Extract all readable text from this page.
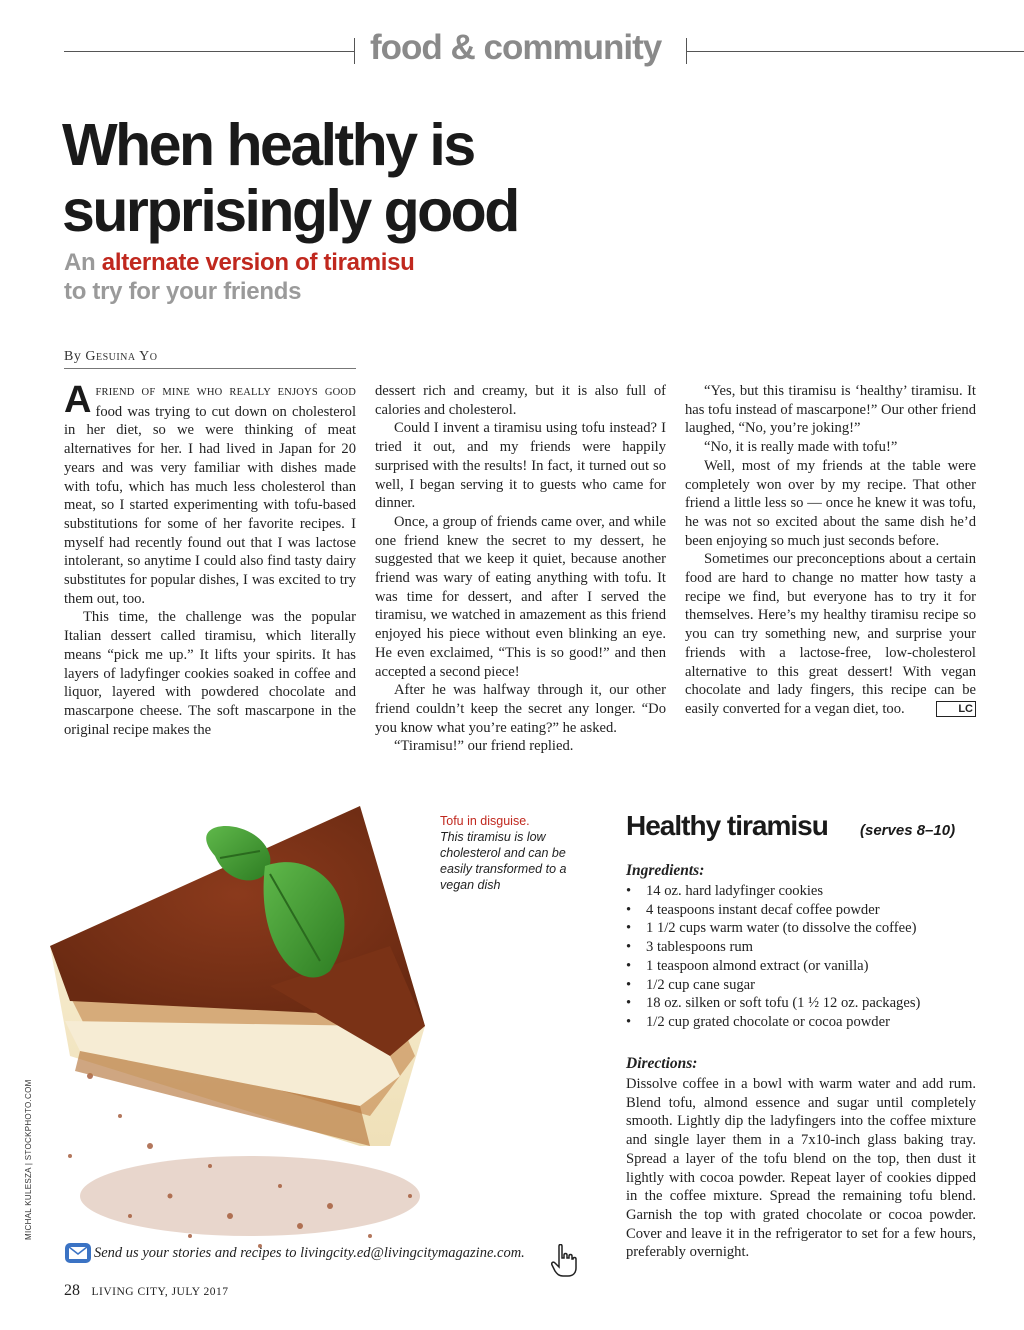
food & community
When healthy is
surprisingly good
An alternate version of tiramisu
to try for your friends
By Gesuina Yo

AFRIEND OF MINE WHO REALLY ENJOYS GOOD food was trying to cut down on cholesterol in her diet, so we were thinking of meat alternatives for her. I had lived in Japan for 20 years and was very familiar with dishes made with tofu, which has much less cholesterol than meat, so I started experimenting with tofu-based substitutions for some of her favorite recipes. I myself had recently found out that I was lactose intolerant, so anytime I could also find tasty dairy substitutes for popular dishes, I was excited to try them out, too.

This time, the challenge was the popular Italian dessert called tiramisu, which literally means “pick me up.” It lifts your spirits. It has layers of ladyfinger cookies soaked in coffee and liquor, layered with powdered chocolate and mascarpone cheese. The soft mascarpone in the original recipe makes the

dessert rich and creamy, but it is also full of calories and cholesterol.

Could I invent a tiramisu using tofu instead? I tried it out, and my friends were happily surprised with the results! In fact, it turned out so well, I began serving it to guests who came for dinner.

Once, a group of friends came over, and while one friend knew the secret to my dessert, he suggested that we keep it quiet, because another friend was wary of eating anything with tofu. It was time for dessert, and after I served the tiramisu, we watched in amazement as this friend enjoyed his piece without even blinking an eye. He even exclaimed, “This is so good!” and then accepted a second piece!

After he was halfway through it, our other friend couldn’t keep the secret any longer. “Do you know what you’re eating?” he asked.

“Tiramisu!” our friend replied.

“Yes, but this tiramisu is ‘healthy’ tiramisu. It has tofu instead of mascarpone!” Our other friend laughed, “No, you’re joking!”

“No, it is really made with tofu!”

Well, most of my friends at the table were completely won over by my recipe. That other friend a little less so — once he knew it was tofu, he was not so excited about the same dish he’d been enjoying so much just seconds before.

Sometimes our preconceptions about a certain food are hard to change no matter how tasty a recipe we find, but everyone has to try it for themselves. Here’s my healthy tiramisu recipe so you can try something new, and surprise your friends with a lactose-free, low-cholesterol alternative to this great dessert! With vegan chocolate and lady fingers, this recipe can be easily converted for a vegan diet, too.	LC

MICHAL KULESZA | STOCKPHOTO.COM
Tofu in disguise.
This tiramisu is low cholesterol and can be easily transformed to a vegan dish
Healthy tiramisu (serves 8–10)
Ingredients:
• 14 oz. hard ladyfinger cookies
• 4 teaspoons instant decaf coffee powder
• 1 1/2 cups warm water (to dissolve the coffee)
• 3 tablespoons rum
• 1 teaspoon almond extract (or vanilla)
• 1/2 cup cane sugar
• 18 oz. silken or soft tofu (1 ½ 12 oz. packages)
• 1/2 cup grated chocolate or cocoa powder
Directions:
Dissolve coffee in a bowl with warm water and add rum. Blend tofu, almond essence and sugar until completely smooth. Lightly dip the ladyfingers into the coffee mixture and single layer them in a 7x10-inch glass baking tray. Spread a layer of the tofu blend on the top, then dust it lightly with cocoa powder. Repeat layer of cookies dipped in the coffee mixture. Spread the remaining tofu blend. Garnish the top with grated chocolate or cocoa powder. Cover and leave it in the refrigerator to set for a few hours, preferably overnight.
Send us your stories and recipes to livingcity.ed@livingcitymagazine.com.
28 LIVING CITY, JULY 2017
